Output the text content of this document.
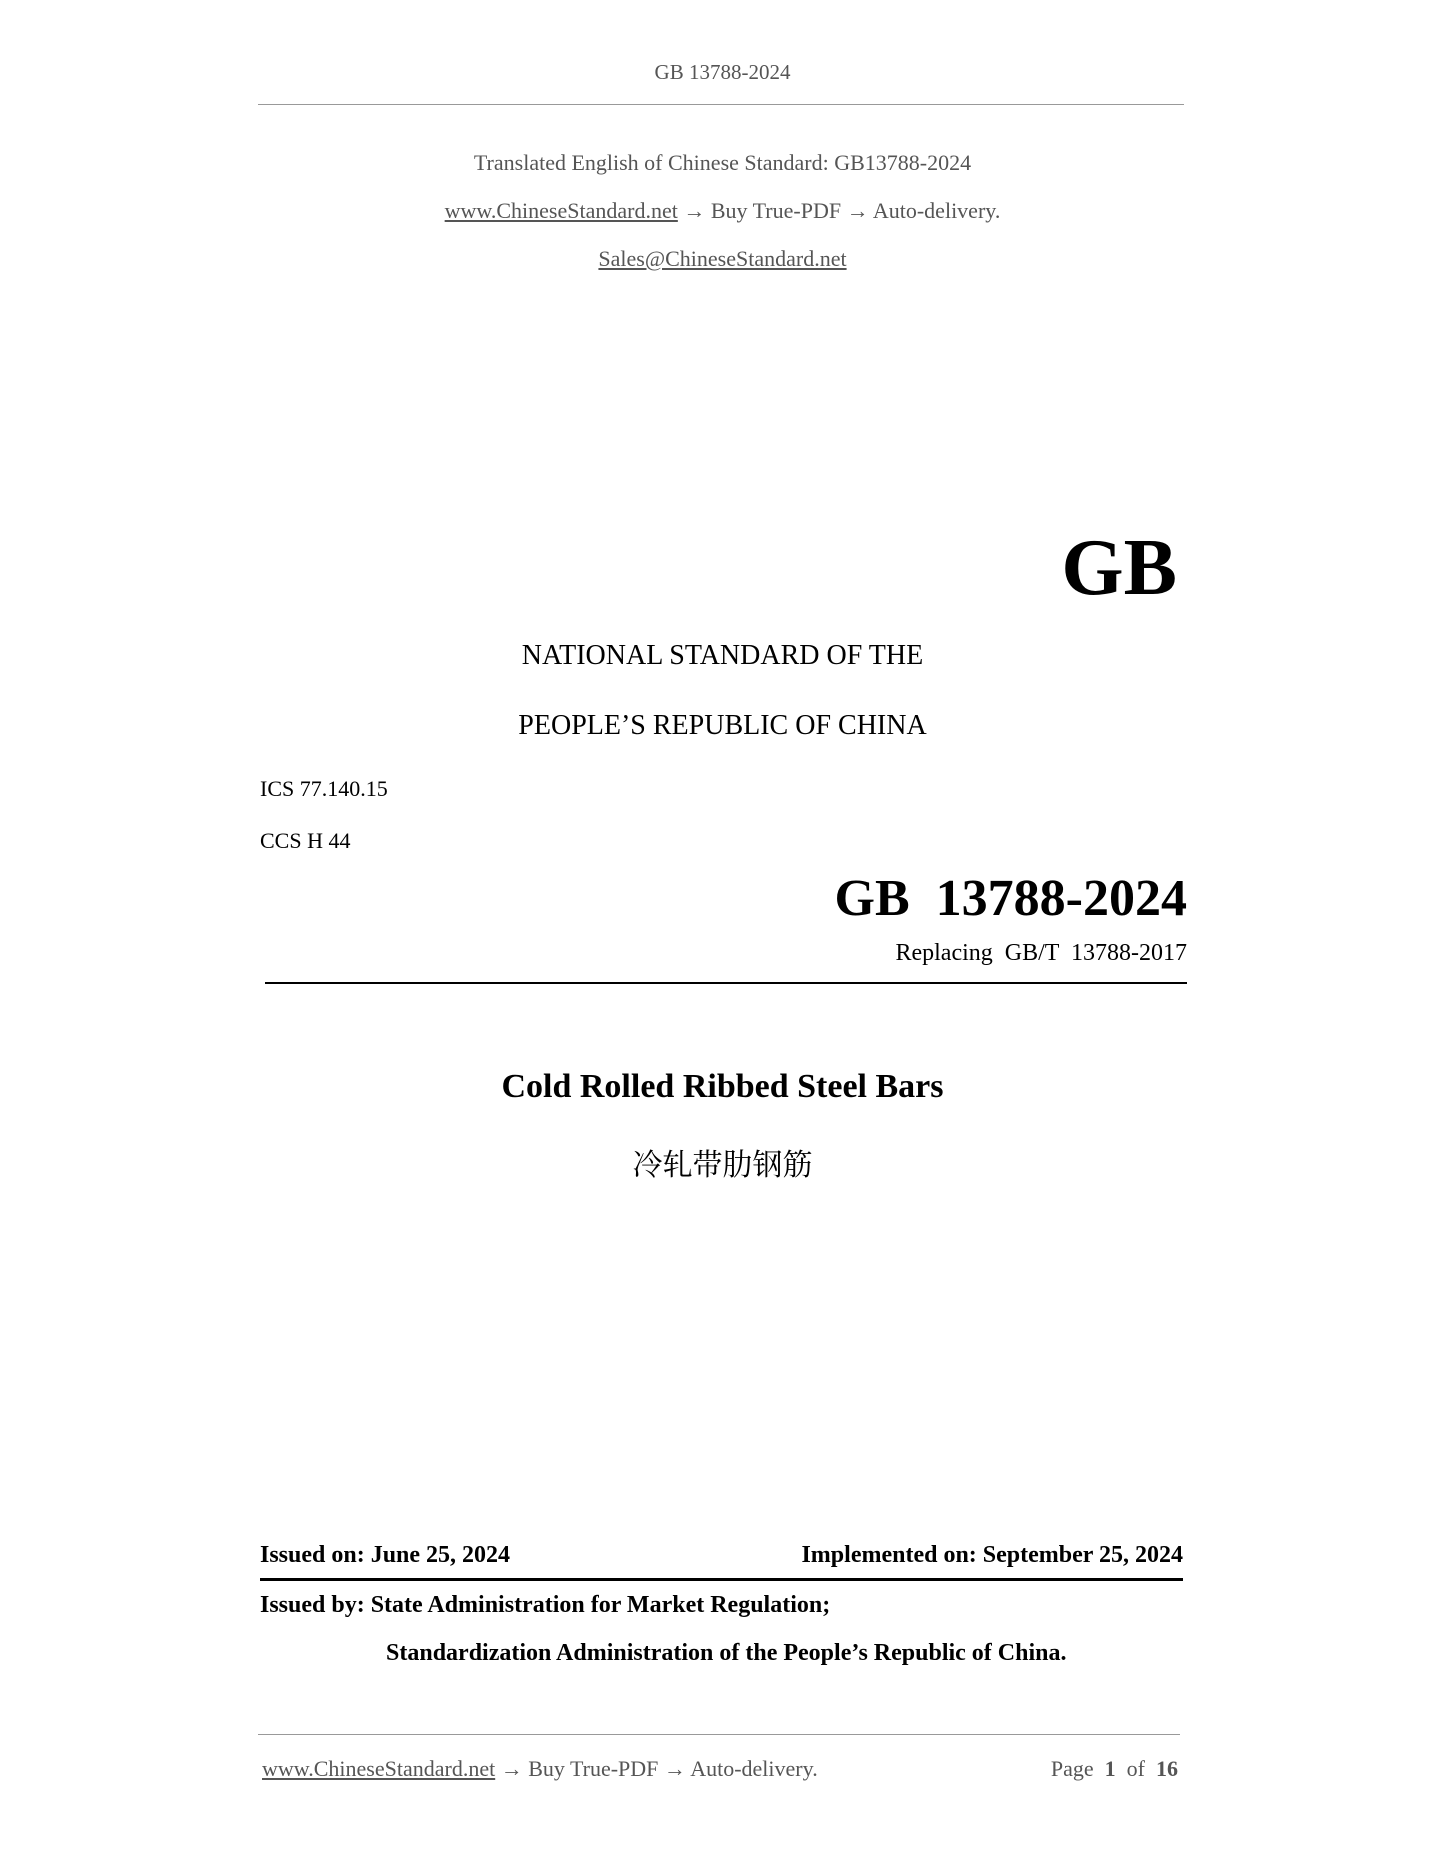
GB 13788-2024
Translated English of Chinese Standard: GB13788-2024
www.ChineseStandard.net → Buy True-PDF → Auto-delivery.
Sales@ChineseStandard.net
GB
NATIONAL STANDARD OF THE
PEOPLE’S REPUBLIC OF CHINA
ICS 77.140.15
CCS H 44
GB  13788-2024
Replacing  GB/T  13788-2017
Cold Rolled Ribbed Steel Bars
冷轧带肋钢筋
Issued on: June 25, 2024	Implemented on: September 25, 2024
Issued by: State Administration for Market Regulation;
Standardization Administration of the People’s Republic of China.
www.ChineseStandard.net → Buy True-PDF → Auto-delivery.	Page 1 of 16
